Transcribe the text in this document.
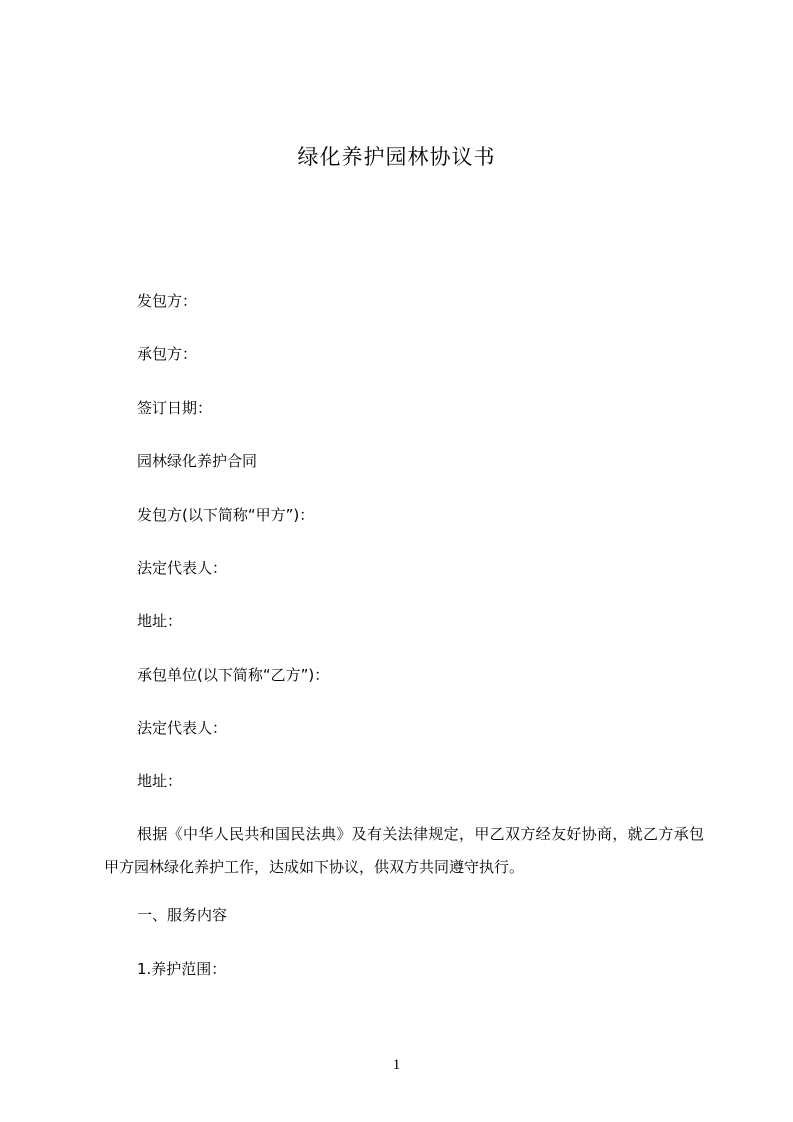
绿化养护园林协议书
发包方：
承包方：
签订日期：
园林绿化养护合同
发包方(以下简称“甲方”)：
法定代表人：
地址：
承包单位(以下简称“乙方”)：
法定代表人：
地址：
根据《中华人民共和国民法典》及有关法律规定，甲乙双方经友好协商，就乙方承包甲方园林绿化养护工作，达成如下协议，供双方共同遵守执行。
一、服务内容
1.养护范围：
1
